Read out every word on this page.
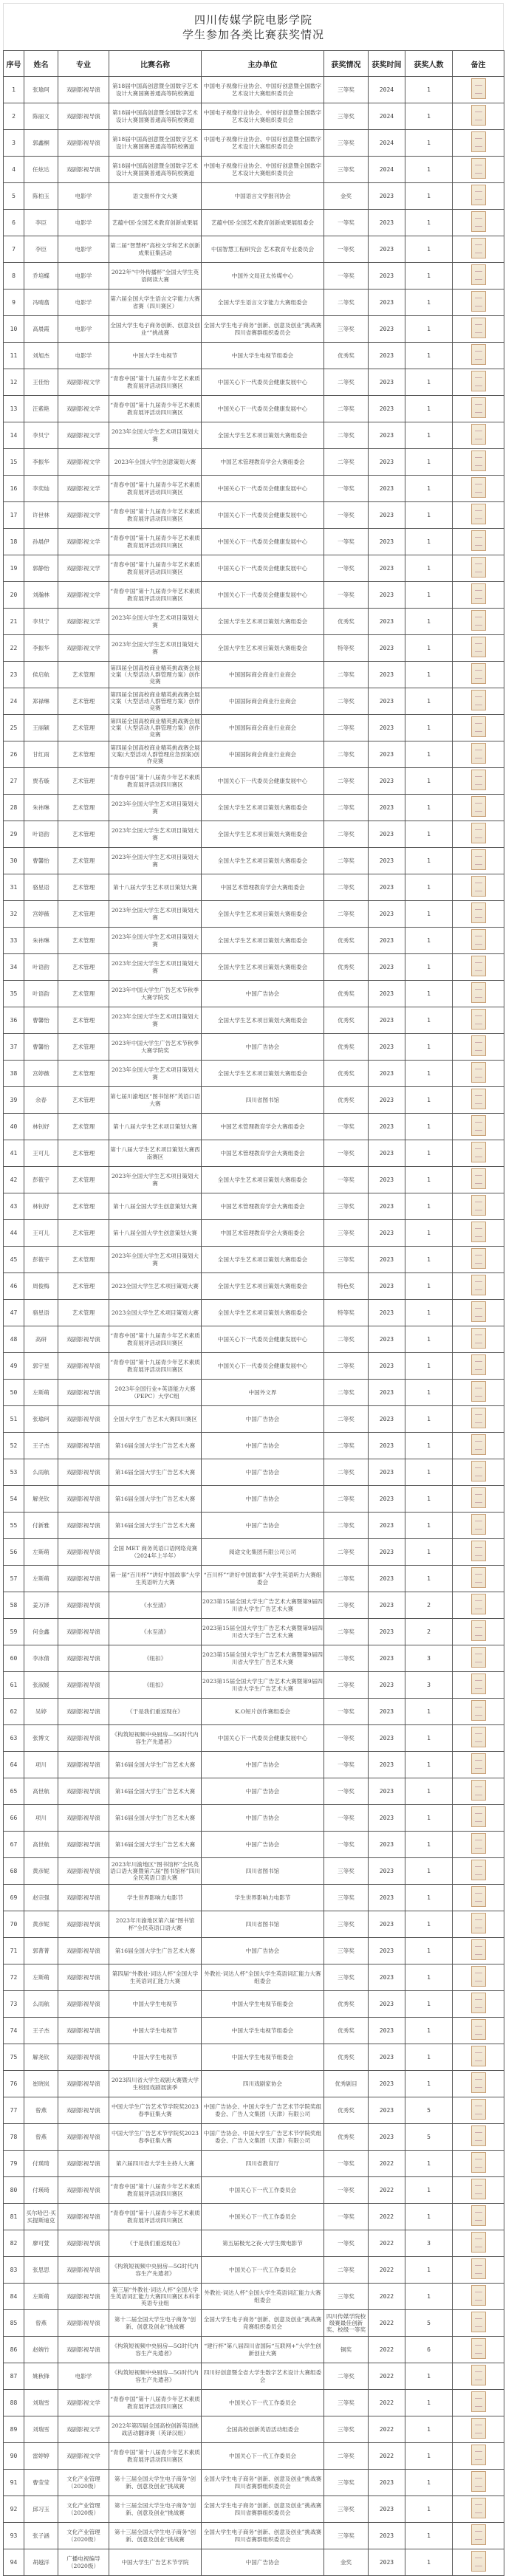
四川传媒学院电影学院
学生参加各类比赛获奖情况
序号	姓名	专业	比赛名称	主办单位	获奖情况	获奖时间	获奖人数	备注
1	张瑜珂	戏剧影视导演	第18届中国高创意暨全国数字艺术设计大赛国赛普通高等院校赛道	中国电子视像行业协会、中国好创意暨全国数字艺术设计大赛组织委员会	三等奖	2024	1	
2	陈丽文	戏剧影视导演	第18届中国高创意暨全国数字艺术设计大赛国赛普通高等院校赛道	中国电子视像行业协会、中国好创意暨全国数字艺术设计大赛组织委员会	三等奖	2024	1	
3	郭鑫桐	戏剧影视导演	第18届中国高创意暨全国数字艺术设计大赛国赛普通高等院校赛道	中国电子视像行业协会、中国好创意暨全国数字艺术设计大赛组织委员会	三等奖	2024	1	
4	任炫达	戏剧影视导演	第18届中国高创意暨全国数字艺术设计大赛国赛普通高等院校赛道	中国电子视像行业协会、中国好创意暨全国数字艺术设计大赛组织委员会	三等奖	2024	1	
5	陈柏玉	电影学	语文报杯作文大赛	中国语言文学报刊协会	金奖	2023	1	
6	李臣	电影学	艺蕴中国·全国艺术教育创新成果展	艺蕴中国·全国艺术教育创新成果展组委会	一等奖	2023	1	
7	李臣	电影学	第二届“智慧杯”高校文学和艺术创新成果征集活动	中国智慧工程研究会 艺术教育专业委员会	一等奖	2023	1	
8	乔培蝶	电影学	2022年“中外传播杯”全国大学生英语阅读大赛	中国外文局亚太传媒中心	一等奖	2023	1	
9	冯晴翕	电影学	第六届全国大学生语言文字能力大赛省赛（四川赛区）	全国大学生语言文字能力大赛组委会	二等奖	2023	1	
10	高晨霞	电影学	全国大学生电子商务创新、创意及创业“”挑战赛	全国大学生电子商务“创新、创意及创业”挑战赛四川省赛群组织委员会	三等奖	2023	1	
11	刘旭杰	电影学	中国大学生电视节	中国大学生电视节组委会	优秀奖	2023	1	
12	王佳怡	戏剧影视文学	“青春中国”第十九届青少年艺术素质教育展评活动四川赛区	中国关心下一代委员会健康发展中心	二等奖	2023	1	
13	汪紫艳	戏剧影视文学	“青春中国”第十九届青少年艺术素质教育展评活动四川赛区	中国关心下一代委员会健康发展中心	二等奖	2023	1	
14	李贝宁	戏剧影视文学	2023年全国大学生艺术项目策划大赛	全国大学生艺术项目策划大赛组委会	二等奖	2023	1	
15	李振华	戏剧影视文学	2023年全国大学生创意策划大赛	中国艺术管理教育学会大赛组委会	二等奖	2023	1	
16	李奕灿	戏剧影视文学	“青春中国”第十九届青少年艺术素质教育展评活动四川赛区	中国关心下一代委员会健康发展中心	一等奖	2023	1	
17	许世林	戏剧影视文学	“青春中国”第十九届青少年艺术素质教育展评活动四川赛区	中国关心下一代委员会健康发展中心	一等奖	2023	1	
18	孙晨伊	戏剧影视文学	“青春中国”第十九届青少年艺术素质教育展评活动四川赛区	中国关心下一代委员会健康发展中心	一等奖	2023	1	
19	郭静怡	戏剧影视文学	“青春中国”第十九届青少年艺术素质教育展评活动四川赛区	中国关心下一代委员会健康发展中心	一等奖	2023	1	
20	刘瀚林	戏剧影视文学	“青春中国”第十九届青少年艺术素质教育展评活动四川赛区	中国关心下一代委员会健康发展中心	一等奖	2023	1	
21	李贝宁	戏剧影视文学	2023年全国大学生艺术项目策划大赛	全国大学生艺术项目策划大赛组委会	优秀奖	2023	1	
22	李振华	戏剧影视文学	2023年全国大学生艺术项目策划大赛	全国大学生艺术项目策划大赛组委会	特等奖	2023	1	
23	侯启航	艺术管理	第四届全国高校商业精英挑战赛会展文案（大型活动人群管理方案）创作竞赛	中国国际商会商业行业商会	二等奖	2023	1	
24	郑禄琳	艺术管理	第四届全国高校商业精英挑战赛会展文案（大型活动人群管理方案）创作竞赛	中国国际商会商业行业商会	二等奖	2023	1	
25	王丽颖	艺术管理	第四届全国高校商业精英挑战赛会展文案（大型活动人群管理方案）创作竞赛	中国国际商会商业行业商会	二等奖	2023	1	
26	甘红雨	艺术管理	第四届全国高校商业精英挑战赛会展文案(大型活动人群管理应急预案)创作竞赛	中国国际商会商业行业商会	二等奖	2023	1	
27	贾若璇	艺术管理	“青春中国”第十八届青少年艺术素质教育展评活动四川赛区	中国关心下一代委员会健康发展中心	二等奖	2023	1	
28	朱祎琳	艺术管理	2023年全国大学生艺术项目策划大赛	全国大学生艺术项目策划大赛组委会	二等奖	2023	1	
29	叶语韵	艺术管理	2023年全国大学生艺术项目策划大赛	全国大学生艺术项目策划大赛组委会	二等奖	2023	1	
30	曹馨怡	艺术管理	2023年全国大学生艺术项目策划大赛	全国大学生艺术项目策划大赛组委会	二等奖	2023	1	
31	骆星语	艺术管理	第十八届大学生艺术项目策划大赛	中国艺术管理教育学会大赛组委会	二等奖	2023	1	
32	宫婷薇	艺术管理	2023年全国大学生艺术项目策划大赛	全国大学生艺术项目策划大赛组委会	二等奖	2023	1	
33	朱祎琳	艺术管理	2023年全国大学生艺术项目策划大赛	全国大学生艺术项目策划大赛组委会	优秀奖	2023	1	
34	叶语韵	艺术管理	2023年全国大学生艺术项目策划大赛	全国大学生艺术项目策划大赛组委会	优秀奖	2023	1	
35	叶语韵	艺术管理	2023年中国大学生广告艺术节秋季大赛学院奖	中国广告协会	优秀奖	2023	1	
36	曹馨怡	艺术管理	2023年全国大学生艺术项目策划大赛	全国大学生艺术项目策划大赛组委会	优秀奖	2023	1	
37	曹馨怡	艺术管理	2023年中国大学生广告艺术节秋季大赛学院奖	中国广告协会	优秀奖	2023	1	
38	宫婷薇	艺术管理	2023年全国大学生艺术项目策划大赛	全国大学生艺术项目策划大赛组委会	优秀奖	2023	1	
39	余春	艺术管理	第七届川渝地区“图书馆杯”英语口语大赛	四川省图书馆	优秀奖	2023	1	
40	林钊妤	艺术管理	第十八届大学生艺术项目策划大赛	中国艺术管理教育学会大赛组委会	一等奖	2023	1	
41	王可儿	艺术管理	第十八届大学生艺术项目策划大赛西南赛区	中国艺术管理教育学会大赛组委会	一等奖	2023	1	
42	彭筱宇	艺术管理	2023年全国大学生艺术项目策划大赛	全国大学生艺术项目策划大赛组委会	一等奖	2023	1	
43	林钊妤	艺术管理	第十八届全国大学生创意策划大赛	中国艺术管理教育学会大赛组委会	三等奖	2023	1	
44	王可儿	艺术管理	第十八届全国大学生创意策划大赛	中国艺术管理教育学会大赛组委会	三等奖	2023	1	
45	彭筱宇	艺术管理	2023年全国大学生艺术项目策划大赛	全国大学生艺术项目策划大赛组委会	三等奖	2023	1	
46	周俊梅	艺术管理	2023全国大学生艺术项目策划大赛	全国大学生艺术项目策划大赛组委会	特色奖	2023	1	
47	骆星语	艺术管理	2023全国大学生艺术项目策划大赛	全国大学生艺术项目策划大赛组委会	特等奖	2023	1	
48	高研	戏剧影视导演	“青春中国”第十九届青少年艺术素质教育展评活动四川赛区	中国关心下一代委员会健康发展中心	二等奖	2023	1	
49	郭宇星	戏剧影视导演	“青春中国”第十九届青少年艺术素质教育展评活动四川赛区	中国关心下一代委员会健康发展中心	二等奖	2023	1	
50	左斯萌	戏剧影视导演	2023年全国行业+英语能力大赛（PEPC）大学C组	中国外文界	二等奖	2023	1	
51	张瑜珂	戏剧影视导演	全国大学生广告艺术大赛四川赛区	中国广告协会	二等奖	2023	1	
52	王子杰	戏剧影视导演	第16届全国大学生广告艺术大赛	中国广告协会	二等奖	2023	1	
53	么雨航	戏剧影视导演	第16届全国大学生广告艺术大赛	中国广告协会	二等奖	2023	1	
54	解尧钦	戏剧影视导演	第16届全国大学生广告艺术大赛	中国广告协会	二等奖	2023	1	
55	付新雅	戏剧影视导演	第16届全国大学生广告艺术大赛	中国广告协会	二等奖	2023	1	
56	左斯萌	戏剧影视导演	全国 MET 商务英语口语网络竞赛（2024年上半年）	阅途文化集团有限公司公司	二等奖	2023	1	
57	左斯萌	戏剧影视导演	第一届“百川杯”“讲好中国故事”大学生英语听力大赛	“百川杯”“讲好中国故事”大学生英语听力大赛组委会	二等奖	2023	1	
58	姜万泽	戏剧影视导演	《水至清》	2023第15届全国大学生广告艺术大赛暨第9届四川省大学生广告艺术大赛	二等奖	2023	2	
59	何金鑫	戏剧影视导演	《水至清》	2023第15届全国大学生广告艺术大赛暨第9届四川省大学生广告艺术大赛	二等奖	2023	2	
60	李冰倩	戏剧影视导演	《纽扣》	2023第15届全国大学生广告艺术大赛暨第9届四川省大学生广告艺术大赛	二等奖	2023	3	
61	张淑媛	戏剧影视导演	《纽扣》	2023第15届全国大学生广告艺术大赛暨第9届四川省大学生广告艺术大赛	二等奖	2023	3	
62	吴婷	戏剧影视导演	《于是我们重返现在》	K.O短片创作赛组委会	一等奖	2023	1	
63	张博文	戏剧影视导演	《构筑短视频中央厨房—5G时代内容生产先遣者》	中国关心下一代委员会健康发展中心	一等奖	2023	1	
64	项川	戏剧影视导演	第16届全国大学生广告艺术大赛	中国广告协会	一等奖	2023	1	
65	高世航	戏剧影视导演	第16届全国大学生广告艺术大赛	中国广告协会	一等奖	2023	1	
66	项川	戏剧影视导演	第16届全国大学生广告艺术大赛	中国广告协会	一等奖	2023	1	
67	高世航	戏剧影视导演	第16届全国大学生广告艺术大赛	中国广告协会	一等奖	2023	1	
68	黄彦妮	戏剧影视导演	2023年川渝地区“图书馆杯”全民英语口语大赛暨第六届“图书馆杯”四川全民英语口语大赛	四川省图书馆	三等奖	2023	1	
69	赵宗强	戏剧影视导演	学生世界影响力电影节	学生世界影响力电影节	三等奖	2023	1	
70	黄彦妮	戏剧影视导演	2023年川渝地区第六届“图书馆杯”全民英语口语大赛	四川省图书馆	三等奖	2023	1	
71	郭菁菁	戏剧影视导演	第16届全国大学生广告艺术大赛	中国广告协会	三等奖	2023	1	
72	左斯萌	戏剧影视导演	第四届“外教社·词达人杯”全国大学生英语词汇能力大赛	外教社·词达人杯”全国大学生英语词汇能力大赛组委会	三等奖	2023	1	
73	么雨航	戏剧影视导演	中国大学生电视节	中国大学生电视节组委会	优秀奖	2023	1	
74	王子杰	戏剧影视导演	中国大学生电视节	中国大学生电视节组委会	优秀奖	2023	1	
75	解尧钦	戏剧影视导演	中国大学生电视节	中国大学生电视节组委会	优秀奖	2023	1	
76	崔晓岚	戏剧影视导演	2023四川省大学生戏剧大赛暨大学生校园戏剧展演季	四川戏剧家协会	优秀剧目	2023	1	
77	曾燕	戏剧影视导演	中国大学生广告艺术节学院奖2023春季征集大赛	中国广告协会、中国大学生广告艺术节学院奖组委会、广告人文集团（天津）有限公司	优秀奖	2023	5	
78	曾燕	戏剧影视导演	中国大学生广告艺术节学院奖2023春季征集大赛	中国广告协会、中国大学生广告艺术节学院奖组委会、广告人文集团（天津）有限公司	优秀奖	2023	5	
79	付瑛琦	戏剧影视导演	第六届四川省大学生主持人大赛	四川省教育厅	一等奖	2022	1	
80	付瑛琦	戏剧影视导演	“青春中国”第十八届青少年艺术素质教育展评活动四川赛区	中国关心下一代工作委员会	一等奖	2022	1	
81	买尔哈巴·买买提斯迪克	戏剧影视导演	“青春中国”第十八届青少年艺术素质教育展评活动四川赛区	中国关心下一代工作委员会	一等奖	2022	1	
82	廖可萱	戏剧影视导演	《于是我们重返现在》	第五届极光之夜·大学生微电影节	一等奖	2022	3	
83	张思思	戏剧影视导演	《构筑短视频中央厨房—5G时代内容生产先遣者》	中国关心下一代工作委员会	二等奖	2022	1	
84	左斯萌	戏剧影视导演	第三届“外教社·词达人杯”全国大学生英语词汇能力大赛四川赛区本科非英语专业组	外教社·词达人杯”全国大学生英语词汇能力大赛组委会	三等奖	2022	1	
85	曾燕	戏剧影视导演	第十二届全国大学生电子商务“创新、创意及创业”挑战赛	全国大学生电子商务“创新、创意及创业”挑战赛竞赛组织委员会	四川传媒学院校级赛最佳创新奖、校级一等奖	2022	5	
86	赵婉竹	戏剧影视导演	《构筑短视频中央厨房—5G时代内容生产先遣者》	“建行杯”第八届四川省国际“互联网+”大学生创新创业大赛	铜奖	2022	6	
87	姚秋锋	电影学	《构筑短视频中央厨房—5G时代内容生产先遣者》	四川好创意暨全省大学生数字艺术设计大赛组委会	二等奖	2022	1	
88	刘瑞雪	戏剧影视文学	“青春中国”第十八届青少年艺术素质教育展评活动四川赛区	中国关心下一代工作委员会	三等奖	2022	1	
89	刘瑞雪	戏剧影视文学	2022年第四届全国高校创新英语挑战活动翻译赛（英译汉组）	全国高校创新英语活动组委会	三等奖	2022	1	
90	雷婷婷	戏剧影视文学	“青春中国”第十八届青少年艺术素质教育展评活动四川赛区	中国关心下一代工作委员会	二等奖	2022	1	
91	曹莹莹	文化产业管理（2020级）	第十三届全国大学生电子商务“创新、创意及创业”挑战赛	全国大学生电子商务“创新、创意及创业”挑战赛四川省赛群组织委员会	三等奖	2023	1	
92	邱习玉	文化产业管理（2020级）	第十三届全国大学生电子商务“创新、创意及创业”挑战赛	全国大学生电子商务“创新、创意及创业”挑战赛四川省赛群组织委员会	三等奖	2023	1	
93	张子涵	文化产业管理（2020级）	第十三届全国大学生电子商务“创新、创意及创业”挑战赛	全国大学生电子商务“创新、创意及创业”挑战赛四川省赛群组织委员会	三等奖	2023	1	
94	胡越洋	广播电视编导（2020级）	中国大学生广告艺术节学院	中国广告协会	金奖	2023	1	
